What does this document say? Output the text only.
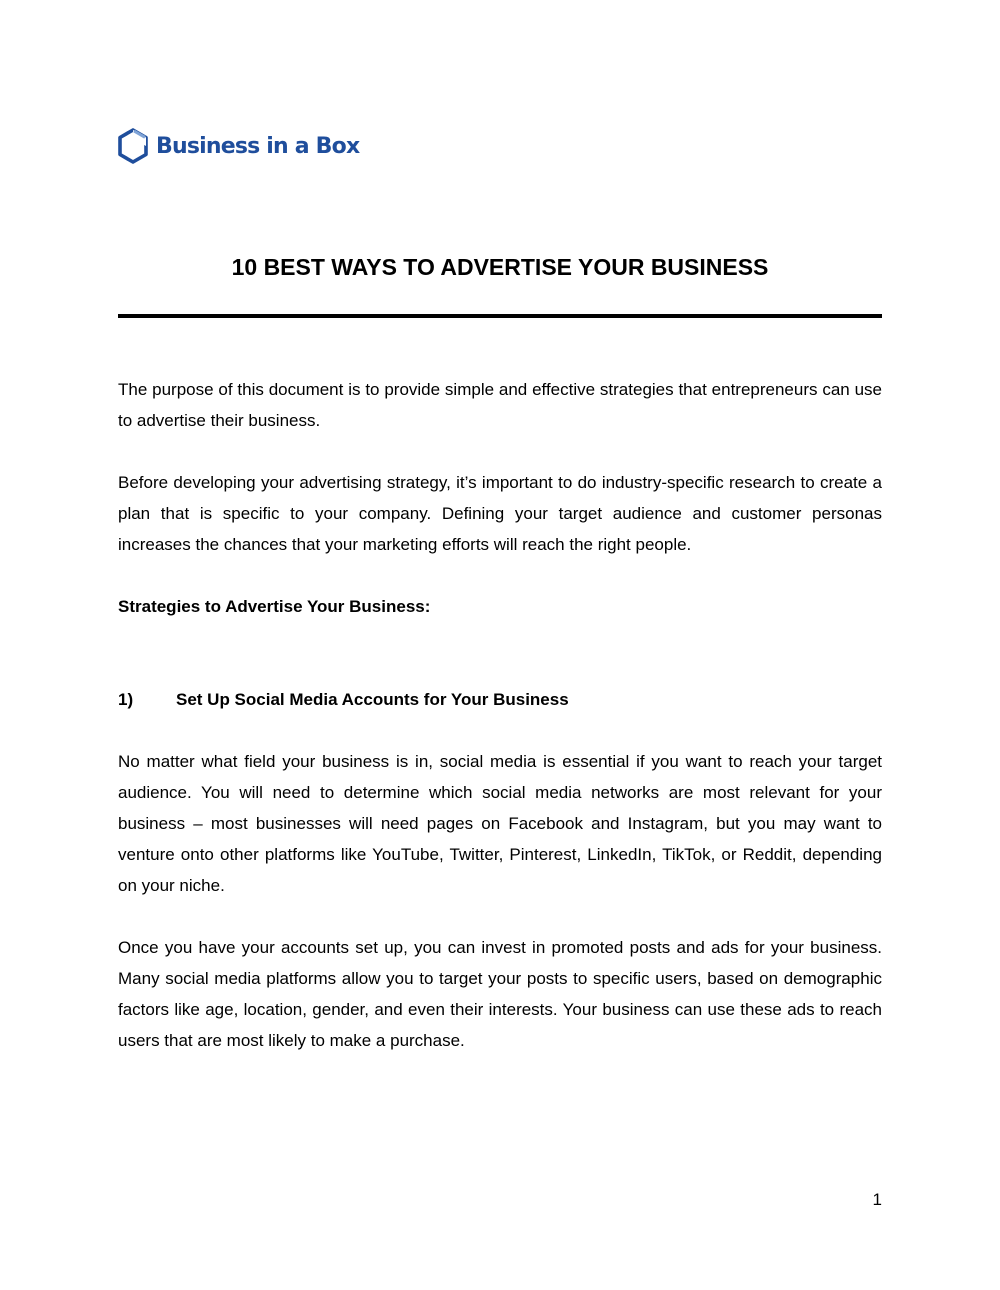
Business in a Box
10 BEST WAYS TO ADVERTISE YOUR BUSINESS

The purpose of this document is to provide simple and effective strategies that entrepreneurs can use to advertise their business.

Before developing your advertising strategy, it’s important to do industry-specific research to create a plan that is specific to your company. Defining your target audience and customer personas increases the chances that your marketing efforts will reach the right people.

Strategies to Advertise Your Business:

1)	Set Up Social Media Accounts for Your Business

No matter what field your business is in, social media is essential if you want to reach your target audience. You will need to determine which social media networks are most relevant for your business – most businesses will need pages on Facebook and Instagram, but you may want to venture onto other platforms like YouTube, Twitter, Pinterest, LinkedIn, TikTok, or Reddit, depending on your niche.

Once you have your accounts set up, you can invest in promoted posts and ads for your business. Many social media platforms allow you to target your posts to specific users, based on demographic factors like age, location, gender, and even their interests. Your business can use these ads to reach users that are most likely to make a purchase.

1
